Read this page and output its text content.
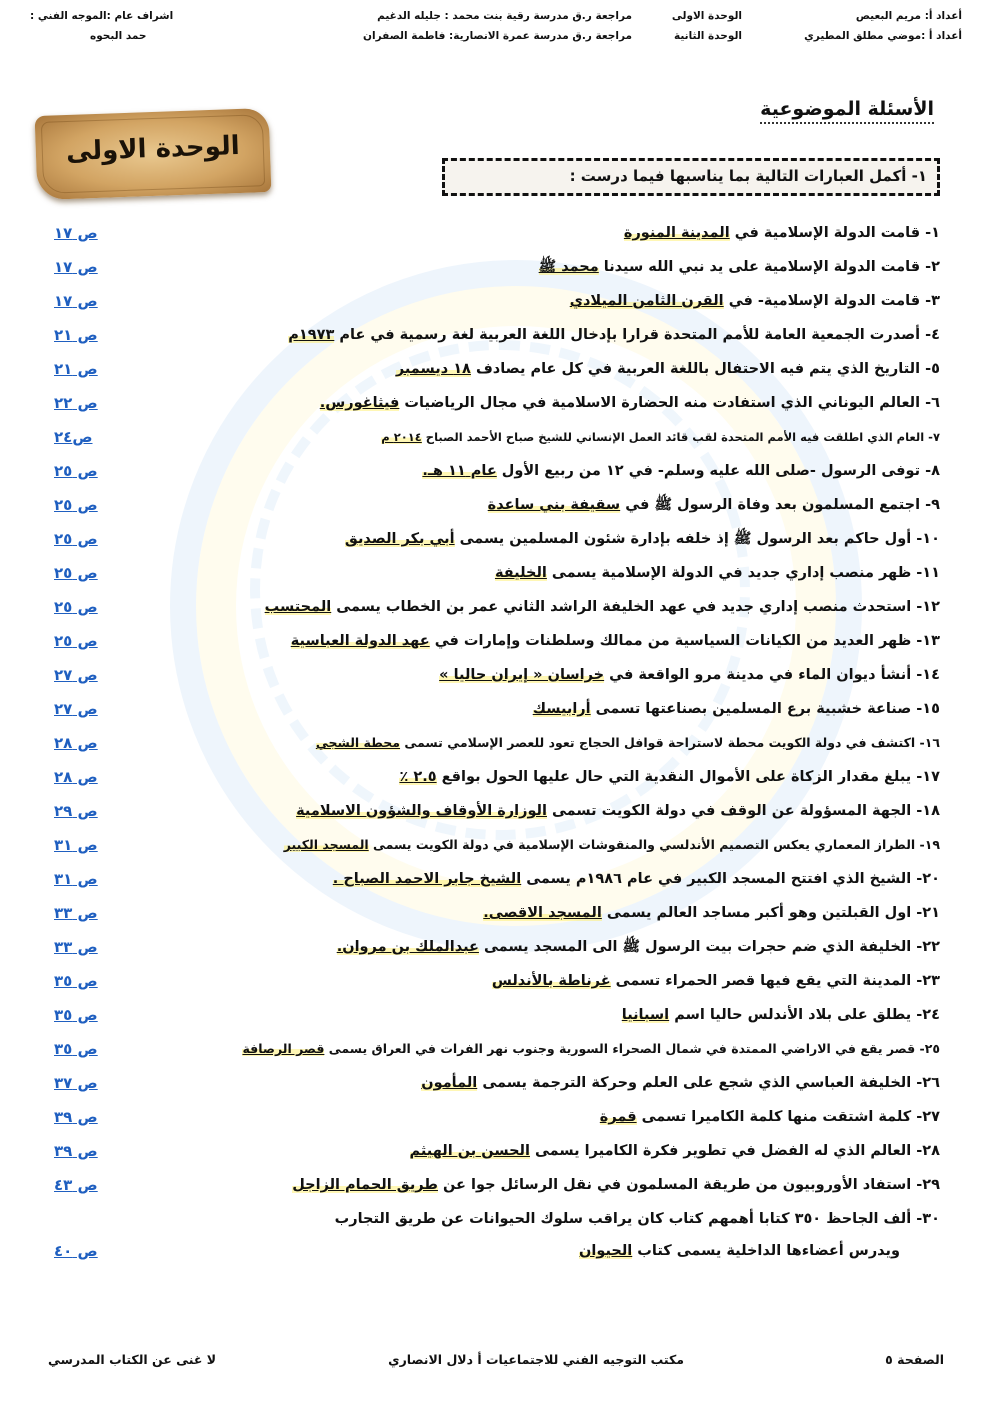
أعداد أ: مريم البعيص
الوحدة الاولى
مراجعة ر.ق مدرسة رقية بنت محمد : جليله الدغيم
اشراف عام :الموجه الفني :
أعداد أ :موضي مطلق المطيري
الوحدة الثانية
مراجعة ر.ق مدرسة عمرة الانصارية: فاطمة الصفران
حمد البحوه
الأسئلة الموضوعية
الوحدة الاولى
١- أكمل العبارات التالية بما يناسبها فيما درست :
١- قامت الدولة الإسلامية في المدينة المنورة
ص ١٧
٢- قامت الدولة الإسلامية على يد نبي الله سيدنا محمد ﷺ
ص ١٧
٣- قامت الدولة الإسلامية- في القرن الثامن الميلادي
ص ١٧
٤- أصدرت الجمعية العامة للأمم المتحدة قرارا بإدخال اللغة العربية لغة رسمية في عام ١٩٧٣م
ص ٢١
٥- التاريخ الذي يتم فيه الاحتفال باللغة العربية في كل عام يصادف ١٨ ديسمبر
ص ٢١
٦- العالم اليوناني الذي استفادت منه الحضارة الاسلامية في مجال الرياضيات فيثاغورس.
ص ٢٢
٧- العام الذي اطلقت فيه الأمم المتحدة لقب قائد العمل الإنساني للشيخ صباح الأحمد الصباح ٢٠١٤ م
ص٢٤
٨- توفى الرسول -صلى الله عليه وسلم- في ١٢ من ربيع الأول عام ١١ هـ.
ص ٢٥
٩- اجتمع المسلمون بعد وفاة الرسول ﷺ في سقيفة بني ساعدة
ص ٢٥
١٠- أول حاكم بعد الرسول ﷺ إذ خلفه بإدارة شئون المسلمين يسمى أبي بكر الصديق
ص ٢٥
١١- ظهر منصب إداري جديد في الدولة الإسلامية يسمى الخليفة
ص ٢٥
١٢- استحدث منصب إداري جديد في عهد الخليفة الراشد الثاني عمر بن الخطاب يسمى المحتسب
ص ٢٥
١٣- ظهر العديد من الكيانات السياسية من ممالك وسلطنات وإمارات في عهد الدولة العباسية
ص ٢٥
١٤- أنشأ ديوان الماء في مدينة مرو الواقعة في خراسان « إيران حاليا »
ص ٢٧
١٥- صناعة خشبية برع المسلمين بصناعتها تسمى أرابيسك
ص ٢٧
١٦- اكتشف في دولة الكويت محطة لاستراحة قوافل الحجاج تعود للعصر الإسلامي تسمى محطة الشجي
ص ٢٨
١٧- يبلغ مقدار الزكاة على الأموال النقدية التي حال عليها الحول بواقع ٢.٥ ٪
ص ٢٨
١٨- الجهة المسؤولة عن الوقف في دولة الكويت تسمى الوزارة الأوقاف والشؤون الاسلامية
ص ٢٩
١٩- الطراز المعماري يعكس التصميم الأندلسي والمنقوشات الإسلامية في دولة الكويت يسمى المسجد الكبير
ص ٣١
٢٠- الشيخ الذي افتتح المسجد الكبير في عام ١٩٨٦م يسمى الشيخ جابر الاحمد الصباح .
ص ٣١
٢١- اول القبلتين وهو أكبر مساجد العالم يسمى المسجد الاقصى.
ص ٣٣
٢٢- الخليفة الذي ضم حجرات بيت الرسول ﷺ الى المسجد يسمى عبدالملك بن مروان.
ص ٣٣
٢٣- المدينة التي يقع فيها قصر الحمراء تسمى غرناطة بالأندلس
ص ٣٥
٢٤- يطلق على بلاد الأندلس حاليا اسم اسبانيا
ص ٣٥
٢٥- قصر يقع في الاراضي الممتدة في شمال الصحراء السورية وجنوب نهر الفرات في العراق يسمى قصر الرصافة
ص ٣٥
٢٦- الخليفة العباسي الذي شجع على العلم وحركة الترجمة يسمى المأمون
ص ٣٧
٢٧- كلمة اشتقت منها كلمة الكاميرا تسمى قمرة
ص ٣٩
٢٨- العالم الذي له الفضل في تطوير فكرة الكاميرا يسمى الحسن بن الهيثم
ص ٣٩
٢٩- استفاد الأوروبيون من طريقة المسلمون في نقل الرسائل جوا عن طريق الحمام الزاجل
ص ٤٣
٣٠- ألف الجاحظ ٣٥٠ كتابا أهمهم كتاب كان يراقب سلوك الحيوانات عن طريق التجارب
ويدرس أعضاءها الداخلية يسمى كتاب الحيوان
ص ٤٠
الصفحة ٥
مكتب التوجيه الفني للاجتماعيات أ دلال الانصاري
لا غنى عن الكتاب المدرسي
